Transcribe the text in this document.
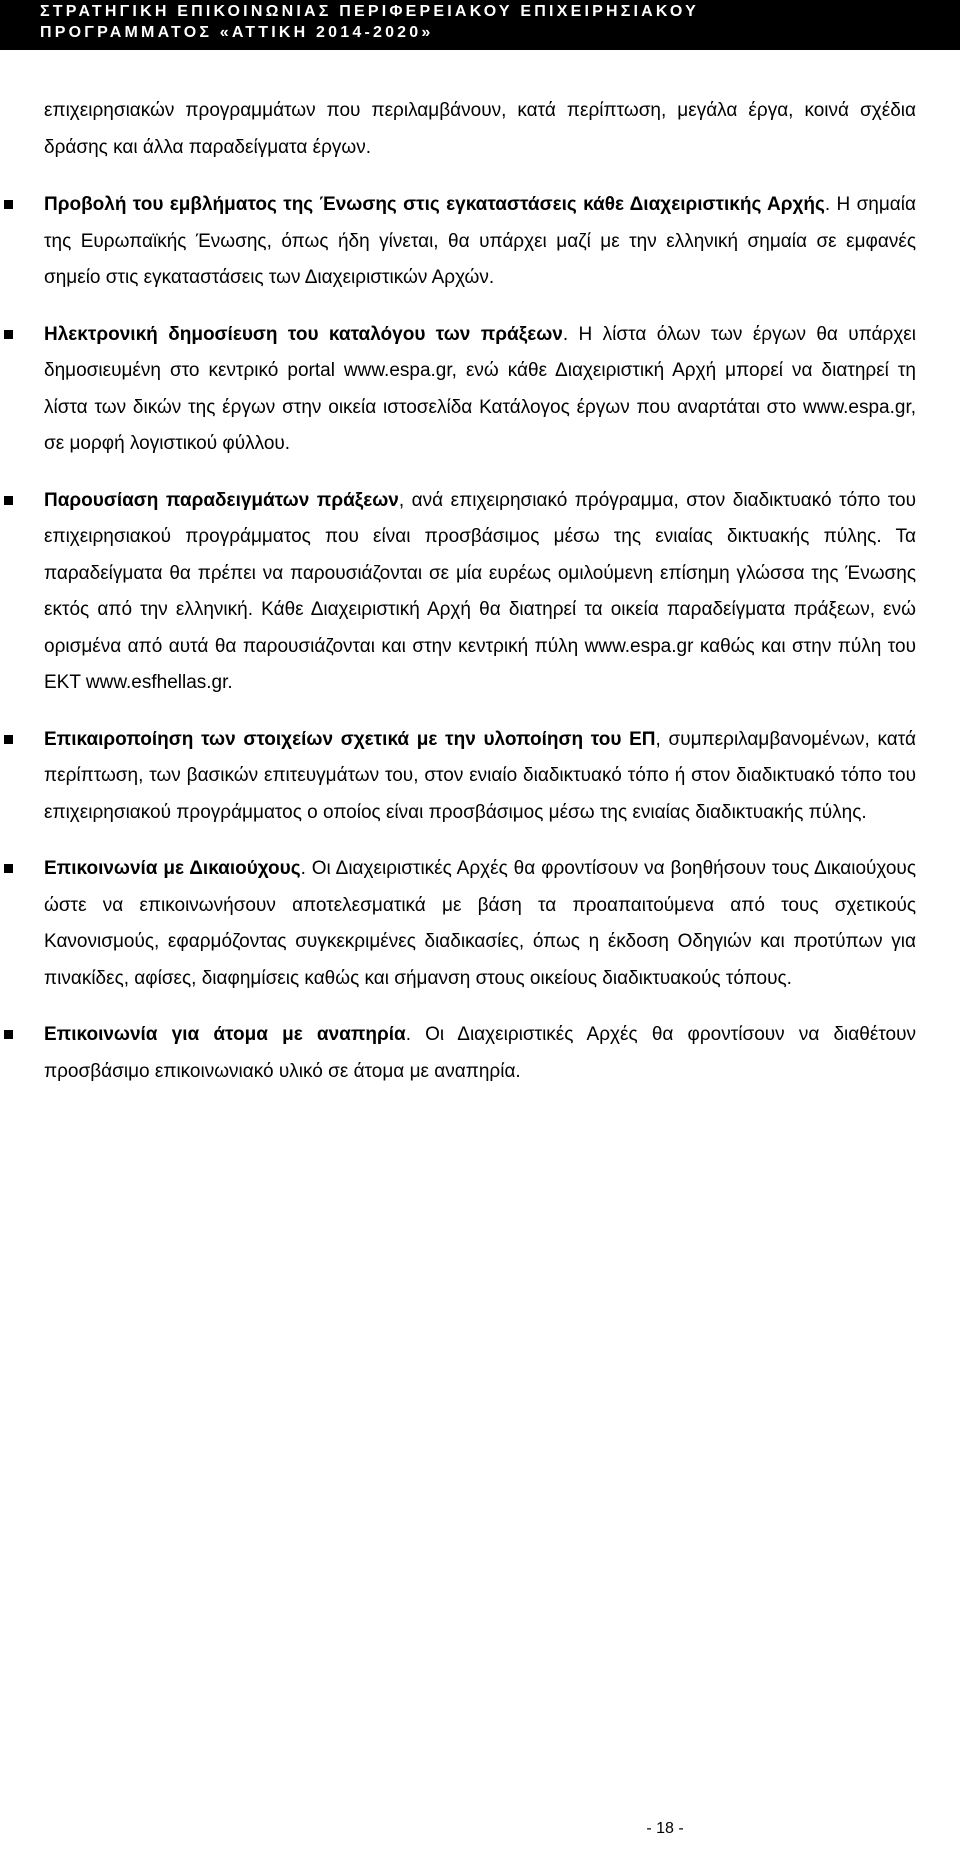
ΣΤΡΑΤΗΓΙΚΗ ΕΠΙΚΟΙΝΩΝΙΑΣ ΠΕΡΙΦΕΡΕΙΑΚΟΥ ΕΠΙΧΕΙΡΗΣΙΑΚΟΥ
ΠΡΟΓΡΑΜΜΑΤΟΣ «ΑΤΤΙΚΗ 2014-2020»

επιχειρησιακών προγραμμάτων που περιλαμβάνουν, κατά περίπτωση, μεγάλα έργα, κοινά σχέδια δράσης και άλλα παραδείγματα έργων.

Προβολή του εμβλήματος της Ένωσης στις εγκαταστάσεις κάθε Διαχειριστικής Αρχής. Η σημαία της Ευρωπαϊκής Ένωσης, όπως ήδη γίνεται, θα υπάρχει μαζί με την ελληνική σημαία σε εμφανές σημείο στις εγκαταστάσεις των Διαχειριστικών Αρχών.
Ηλεκτρονική δημοσίευση του καταλόγου των πράξεων. Η λίστα όλων των έργων θα υπάρχει δημοσιευμένη στο κεντρικό portal www.espa.gr, ενώ κάθε Διαχειριστική Αρχή μπορεί να διατηρεί τη λίστα των δικών της έργων στην οικεία ιστοσελίδα Κατάλογος έργων που αναρτάται στο www.espa.gr, σε μορφή λογιστικού φύλλου.
Παρουσίαση παραδειγμάτων πράξεων, ανά επιχειρησιακό πρόγραμμα, στον διαδικτυακό τόπο του επιχειρησιακού προγράμματος που είναι προσβάσιμος μέσω της ενιαίας δικτυακής πύλης. Τα παραδείγματα θα πρέπει να παρουσιάζονται σε μία ευρέως ομιλούμενη επίσημη γλώσσα της Ένωσης εκτός από την ελληνική. Κάθε Διαχειριστική Αρχή θα διατηρεί τα οικεία παραδείγματα πράξεων, ενώ ορισμένα από αυτά θα παρουσιάζονται και στην κεντρική πύλη www.espa.gr καθώς και στην πύλη του ΕΚΤ www.esfhellas.gr.
Επικαιροποίηση των στοιχείων σχετικά με την υλοποίηση του ΕΠ, συμπεριλαμβανομένων, κατά περίπτωση, των βασικών επιτευγμάτων του, στον ενιαίο διαδικτυακό τόπο ή στον διαδικτυακό τόπο του επιχειρησιακού προγράμματος ο οποίος είναι προσβάσιμος μέσω της ενιαίας διαδικτυακής πύλης.
Επικοινωνία με Δικαιούχους. Οι Διαχειριστικές Αρχές θα φροντίσουν να βοηθήσουν τους Δικαιούχους ώστε να επικοινωνήσουν αποτελεσματικά με βάση τα προαπαιτούμενα από τους σχετικούς Κανονισμούς, εφαρμόζοντας συγκεκριμένες διαδικασίες, όπως η έκδοση Οδηγιών και προτύπων για πινακίδες, αφίσες, διαφημίσεις καθώς και σήμανση στους οικείους διαδικτυακούς τόπους.
Επικοινωνία για άτομα με αναπηρία. Οι Διαχειριστικές Αρχές θα φροντίσουν να διαθέτουν προσβάσιμο επικοινωνιακό υλικό σε άτομα με αναπηρία.
- 18 -
